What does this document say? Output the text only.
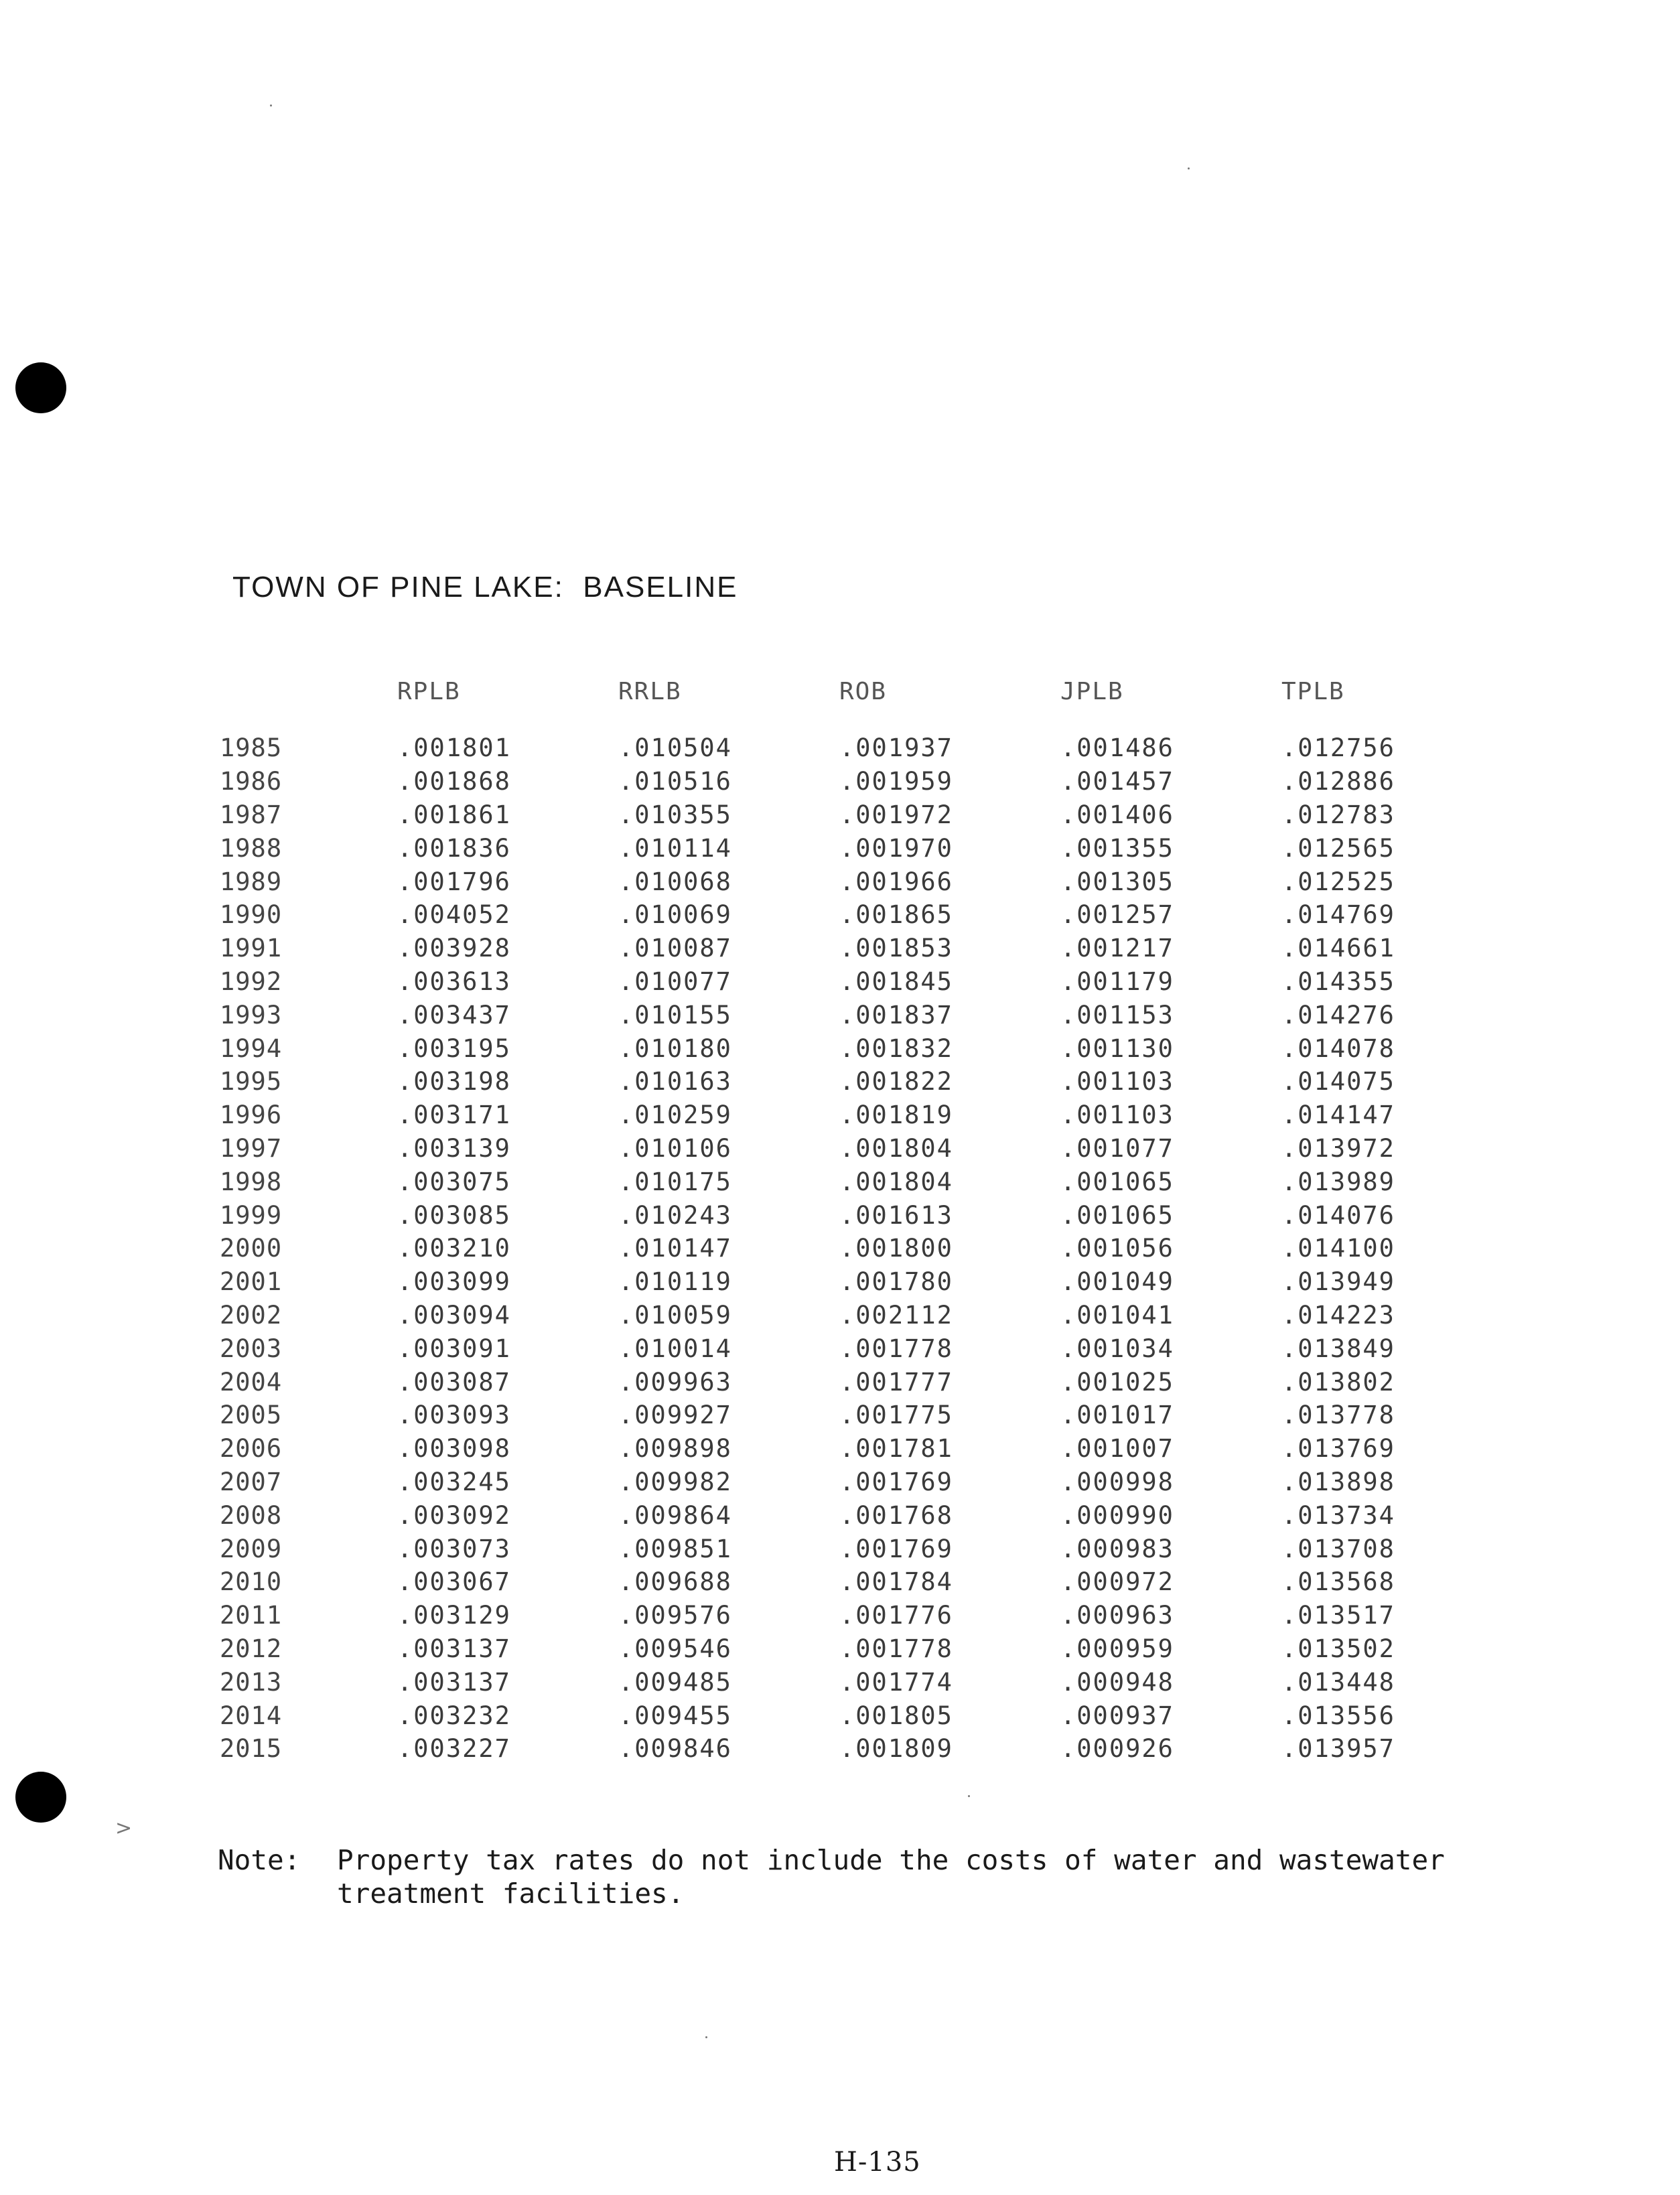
TOWN OF PINE LAKE:  BASELINE
	RPLB	RRLB	ROB	JPLB	TPLB
1985	.001801	.010504	.001937	.001486	.012756
1986	.001868	.010516	.001959	.001457	.012886
1987	.001861	.010355	.001972	.001406	.012783
1988	.001836	.010114	.001970	.001355	.012565
1989	.001796	.010068	.001966	.001305	.012525
1990	.004052	.010069	.001865	.001257	.014769
1991	.003928	.010087	.001853	.001217	.014661
1992	.003613	.010077	.001845	.001179	.014355
1993	.003437	.010155	.001837	.001153	.014276
1994	.003195	.010180	.001832	.001130	.014078
1995	.003198	.010163	.001822	.001103	.014075
1996	.003171	.010259	.001819	.001103	.014147
1997	.003139	.010106	.001804	.001077	.013972
1998	.003075	.010175	.001804	.001065	.013989
1999	.003085	.010243	.001613	.001065	.014076
2000	.003210	.010147	.001800	.001056	.014100
2001	.003099	.010119	.001780	.001049	.013949
2002	.003094	.010059	.002112	.001041	.014223
2003	.003091	.010014	.001778	.001034	.013849
2004	.003087	.009963	.001777	.001025	.013802
2005	.003093	.009927	.001775	.001017	.013778
2006	.003098	.009898	.001781	.001007	.013769
2007	.003245	.009982	.001769	.000998	.013898
2008	.003092	.009864	.001768	.000990	.013734
2009	.003073	.009851	.001769	.000983	.013708
2010	.003067	.009688	.001784	.000972	.013568
2011	.003129	.009576	.001776	.000963	.013517
2012	.003137	.009546	.001778	.000959	.013502
2013	.003137	.009485	.001774	.000948	.013448
2014	.003232	.009455	.001805	.000937	.013556
2015	.003227	.009846	.001809	.000926	.013957
>
Note:	Property tax rates do not include the costs of water and wastewater treatment facilities.
H-135
